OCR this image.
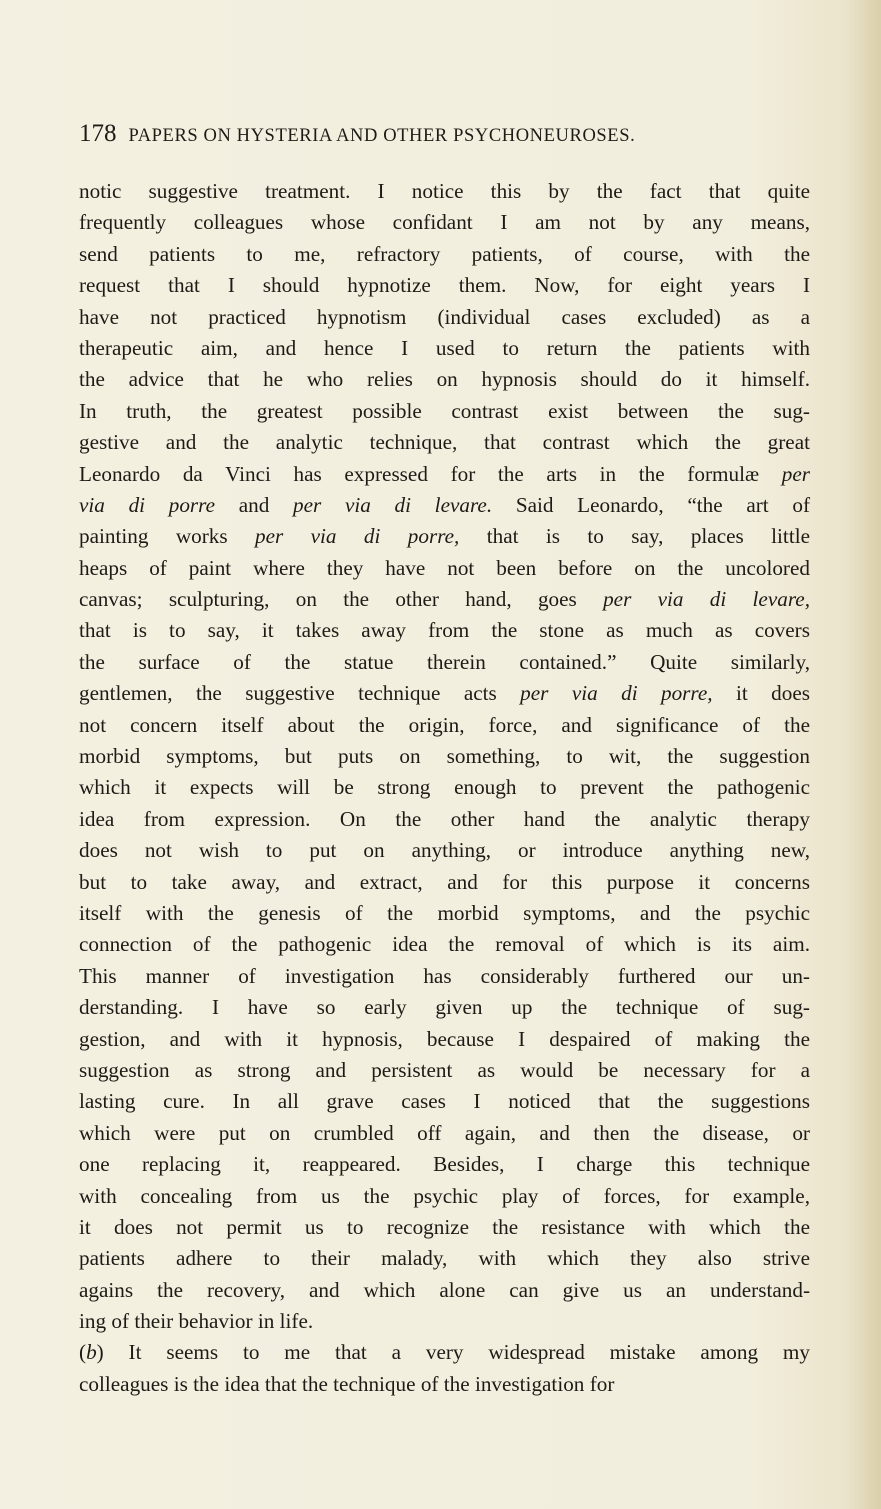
178 PAPERS ON HYSTERIA AND OTHER PSYCHONEUROSES.
notic suggestive treatment. I notice this by the fact that quite
frequently colleagues whose confidant I am not by any means,
send patients to me, refractory patients, of course, with the
request that I should hypnotize them. Now, for eight years I
have not practiced hypnotism (individual cases excluded) as a
therapeutic aim, and hence I used to return the patients with
the advice that he who relies on hypnosis should do it himself.
In truth, the greatest possible contrast exist between the sug-
gestive and the analytic technique, that contrast which the great
Leonardo da Vinci has expressed for the arts in the formulæ per
via di porre and per via di levare. Said Leonardo, “the art of
painting works per via di porre, that is to say, places little
heaps of paint where they have not been before on the uncolored
canvas; sculpturing, on the other hand, goes per via di levare,
that is to say, it takes away from the stone as much as covers
the surface of the statue therein contained.” Quite similarly,
gentlemen, the suggestive technique acts per via di porre, it does
not concern itself about the origin, force, and significance of the
morbid symptoms, but puts on something, to wit, the suggestion
which it expects will be strong enough to prevent the pathogenic
idea from expression. On the other hand the analytic therapy
does not wish to put on anything, or introduce anything new,
but to take away, and extract, and for this purpose it concerns
itself with the genesis of the morbid symptoms, and the psychic
connection of the pathogenic idea the removal of which is its aim.
This manner of investigation has considerably furthered our un-
derstanding. I have so early given up the technique of sug-
gestion, and with it hypnosis, because I despaired of making the
suggestion as strong and persistent as would be necessary for a
lasting cure. In all grave cases I noticed that the suggestions
which were put on crumbled off again, and then the disease, or
one replacing it, reappeared. Besides, I charge this technique
with concealing from us the psychic play of forces, for example,
it does not permit us to recognize the resistance with which the
patients adhere to their malady, with which they also strive
agains the recovery, and which alone can give us an understand-
ing of their behavior in life.
(b) It seems to me that a very widespread mistake among my
colleagues is the idea that the technique of the investigation for
